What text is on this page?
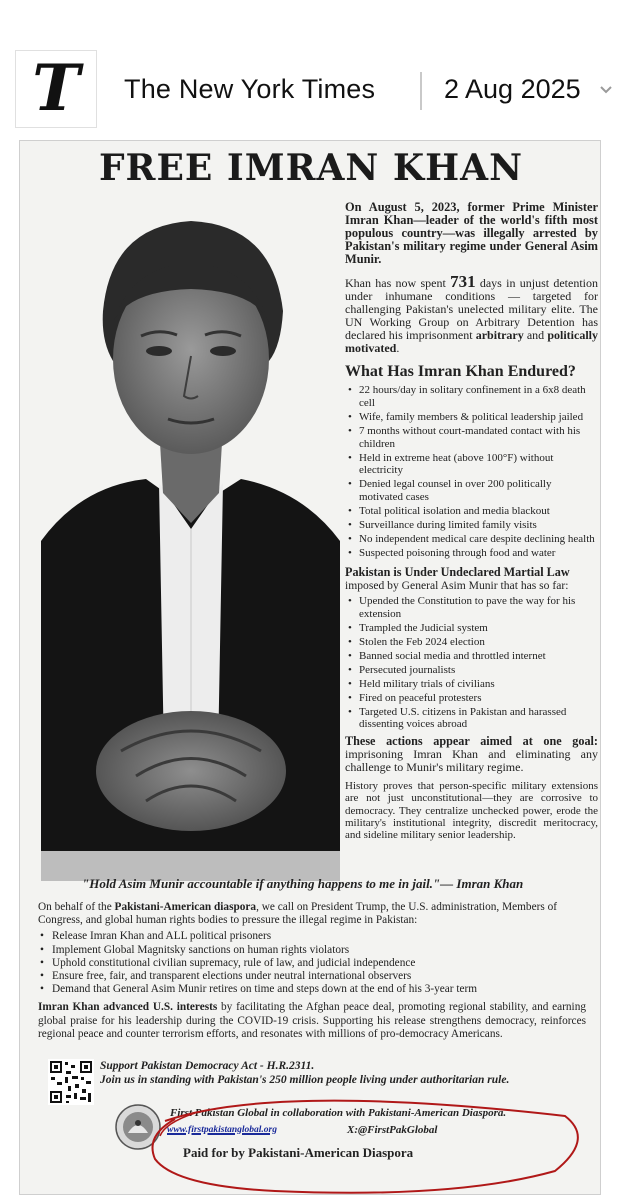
T The New York Times	2 Aug 2025
FREE IMRAN KHAN
On August 5, 2023, former Prime Minister Imran Khan—leader of the world's fifth most populous country—was illegally arrested by Pakistan's military regime under General Asim Munir.
Khan has now spent 731 days in unjust detention under inhumane conditions — targeted for challenging Pakistan's unelected military elite. The UN Working Group on Arbitrary Detention has declared his imprisonment arbitrary and politically motivated.
What Has Imran Khan Endured?
• 22 hours/day in solitary confinement in a 6x8 death cell
• Wife, family members & political leadership jailed
• 7 months without court-mandated contact with his children
• Held in extreme heat (above 100°F) without electricity
• Denied legal counsel in over 200 politically motivated cases
• Total political isolation and media blackout
• Surveillance during limited family visits
• No independent medical care despite declining health
• Suspected poisoning through food and water
Pakistan is Under Undeclared Martial Law
imposed by General Asim Munir that has so far:
• Upended the Constitution to pave the way for his extension
• Trampled the Judicial system
• Stolen the Feb 2024 election
• Banned social media and throttled internet
• Persecuted journalists
• Held military trials of civilians
• Fired on peaceful protesters
• Targeted U.S. citizens in Pakistan and harassed dissenting voices abroad
These actions appear aimed at one goal: imprisoning Imran Khan and eliminating any challenge to Munir's military regime.
History proves that person-specific military extensions are not just unconstitutional—they are corrosive to democracy. They centralize unchecked power, erode the military's institutional integrity, discredit meritocracy, and sideline military senior leadership.
"Hold Asim Munir accountable if anything happens to me in jail."— Imran Khan
On behalf of the Pakistani-American diaspora, we call on President Trump, the U.S. administration, Members of Congress, and global human rights bodies to pressure the illegal regime in Pakistan:
• Release Imran Khan and ALL political prisoners
• Implement Global Magnitsky sanctions on human rights violators
• Uphold constitutional civilian supremacy, rule of law, and judicial independence
• Ensure free, fair, and transparent elections under neutral international observers
• Demand that General Asim Munir retires on time and steps down at the end of his 3-year term
Imran Khan advanced U.S. interests by facilitating the Afghan peace deal, promoting regional stability, and earning global praise for his leadership during the COVID-19 crisis. Supporting his release strengthens democracy, reinforces regional peace and counter terrorism efforts, and resonates with millions of pro-democracy Americans.
Support Pakistan Democracy Act - H.R.2311.
Join us in standing with Pakistan's 250 million people living under authoritarian rule.
First Pakistan Global in collaboration with Pakistani-American Diaspora.
www.firstpakistanglobal.org	X:@FirstPakGlobal
Paid for by Pakistani-American Diaspora
